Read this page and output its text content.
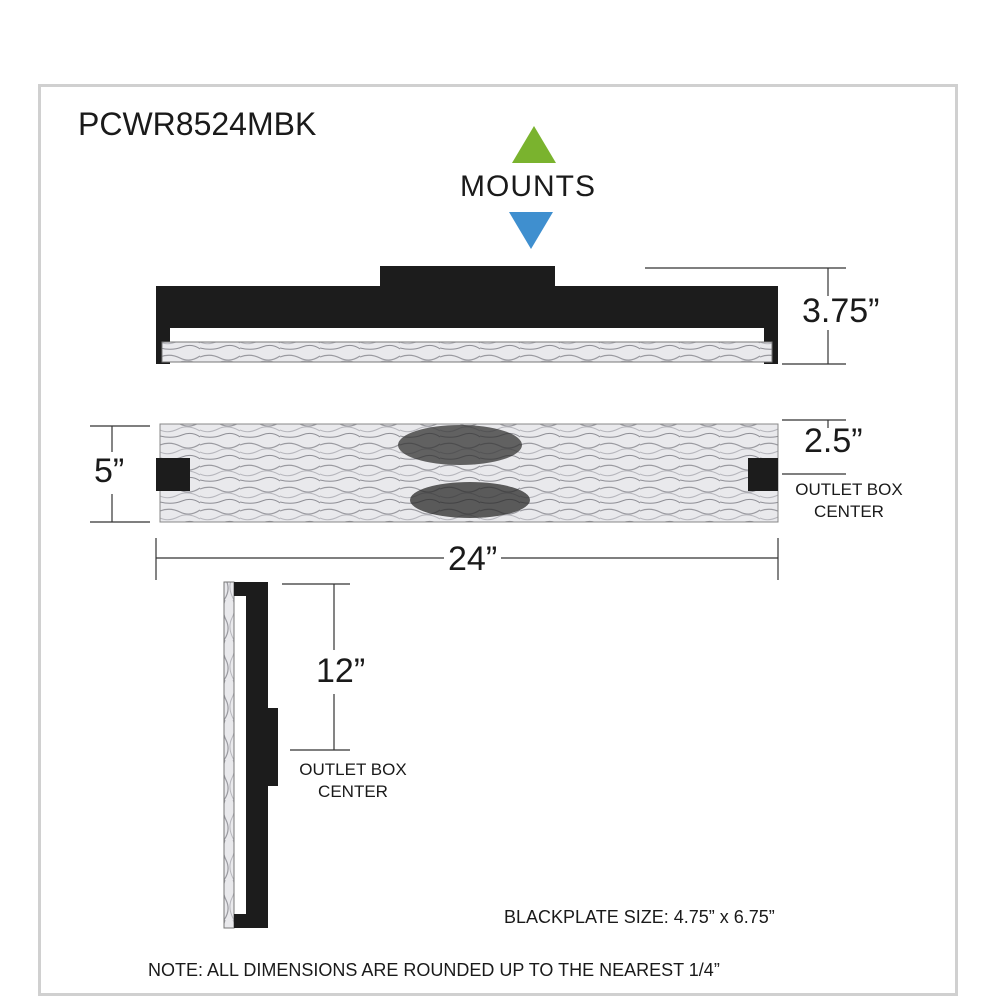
PCWR8524MBK
MOUNTS
3.75”
5”
2.5”
24”
12”
OUTLET BOX
CENTER
OUTLET BOX
CENTER
BLACKPLATE SIZE: 4.75” x 6.75”
NOTE: ALL DIMENSIONS ARE ROUNDED UP TO THE NEAREST 1/4”
